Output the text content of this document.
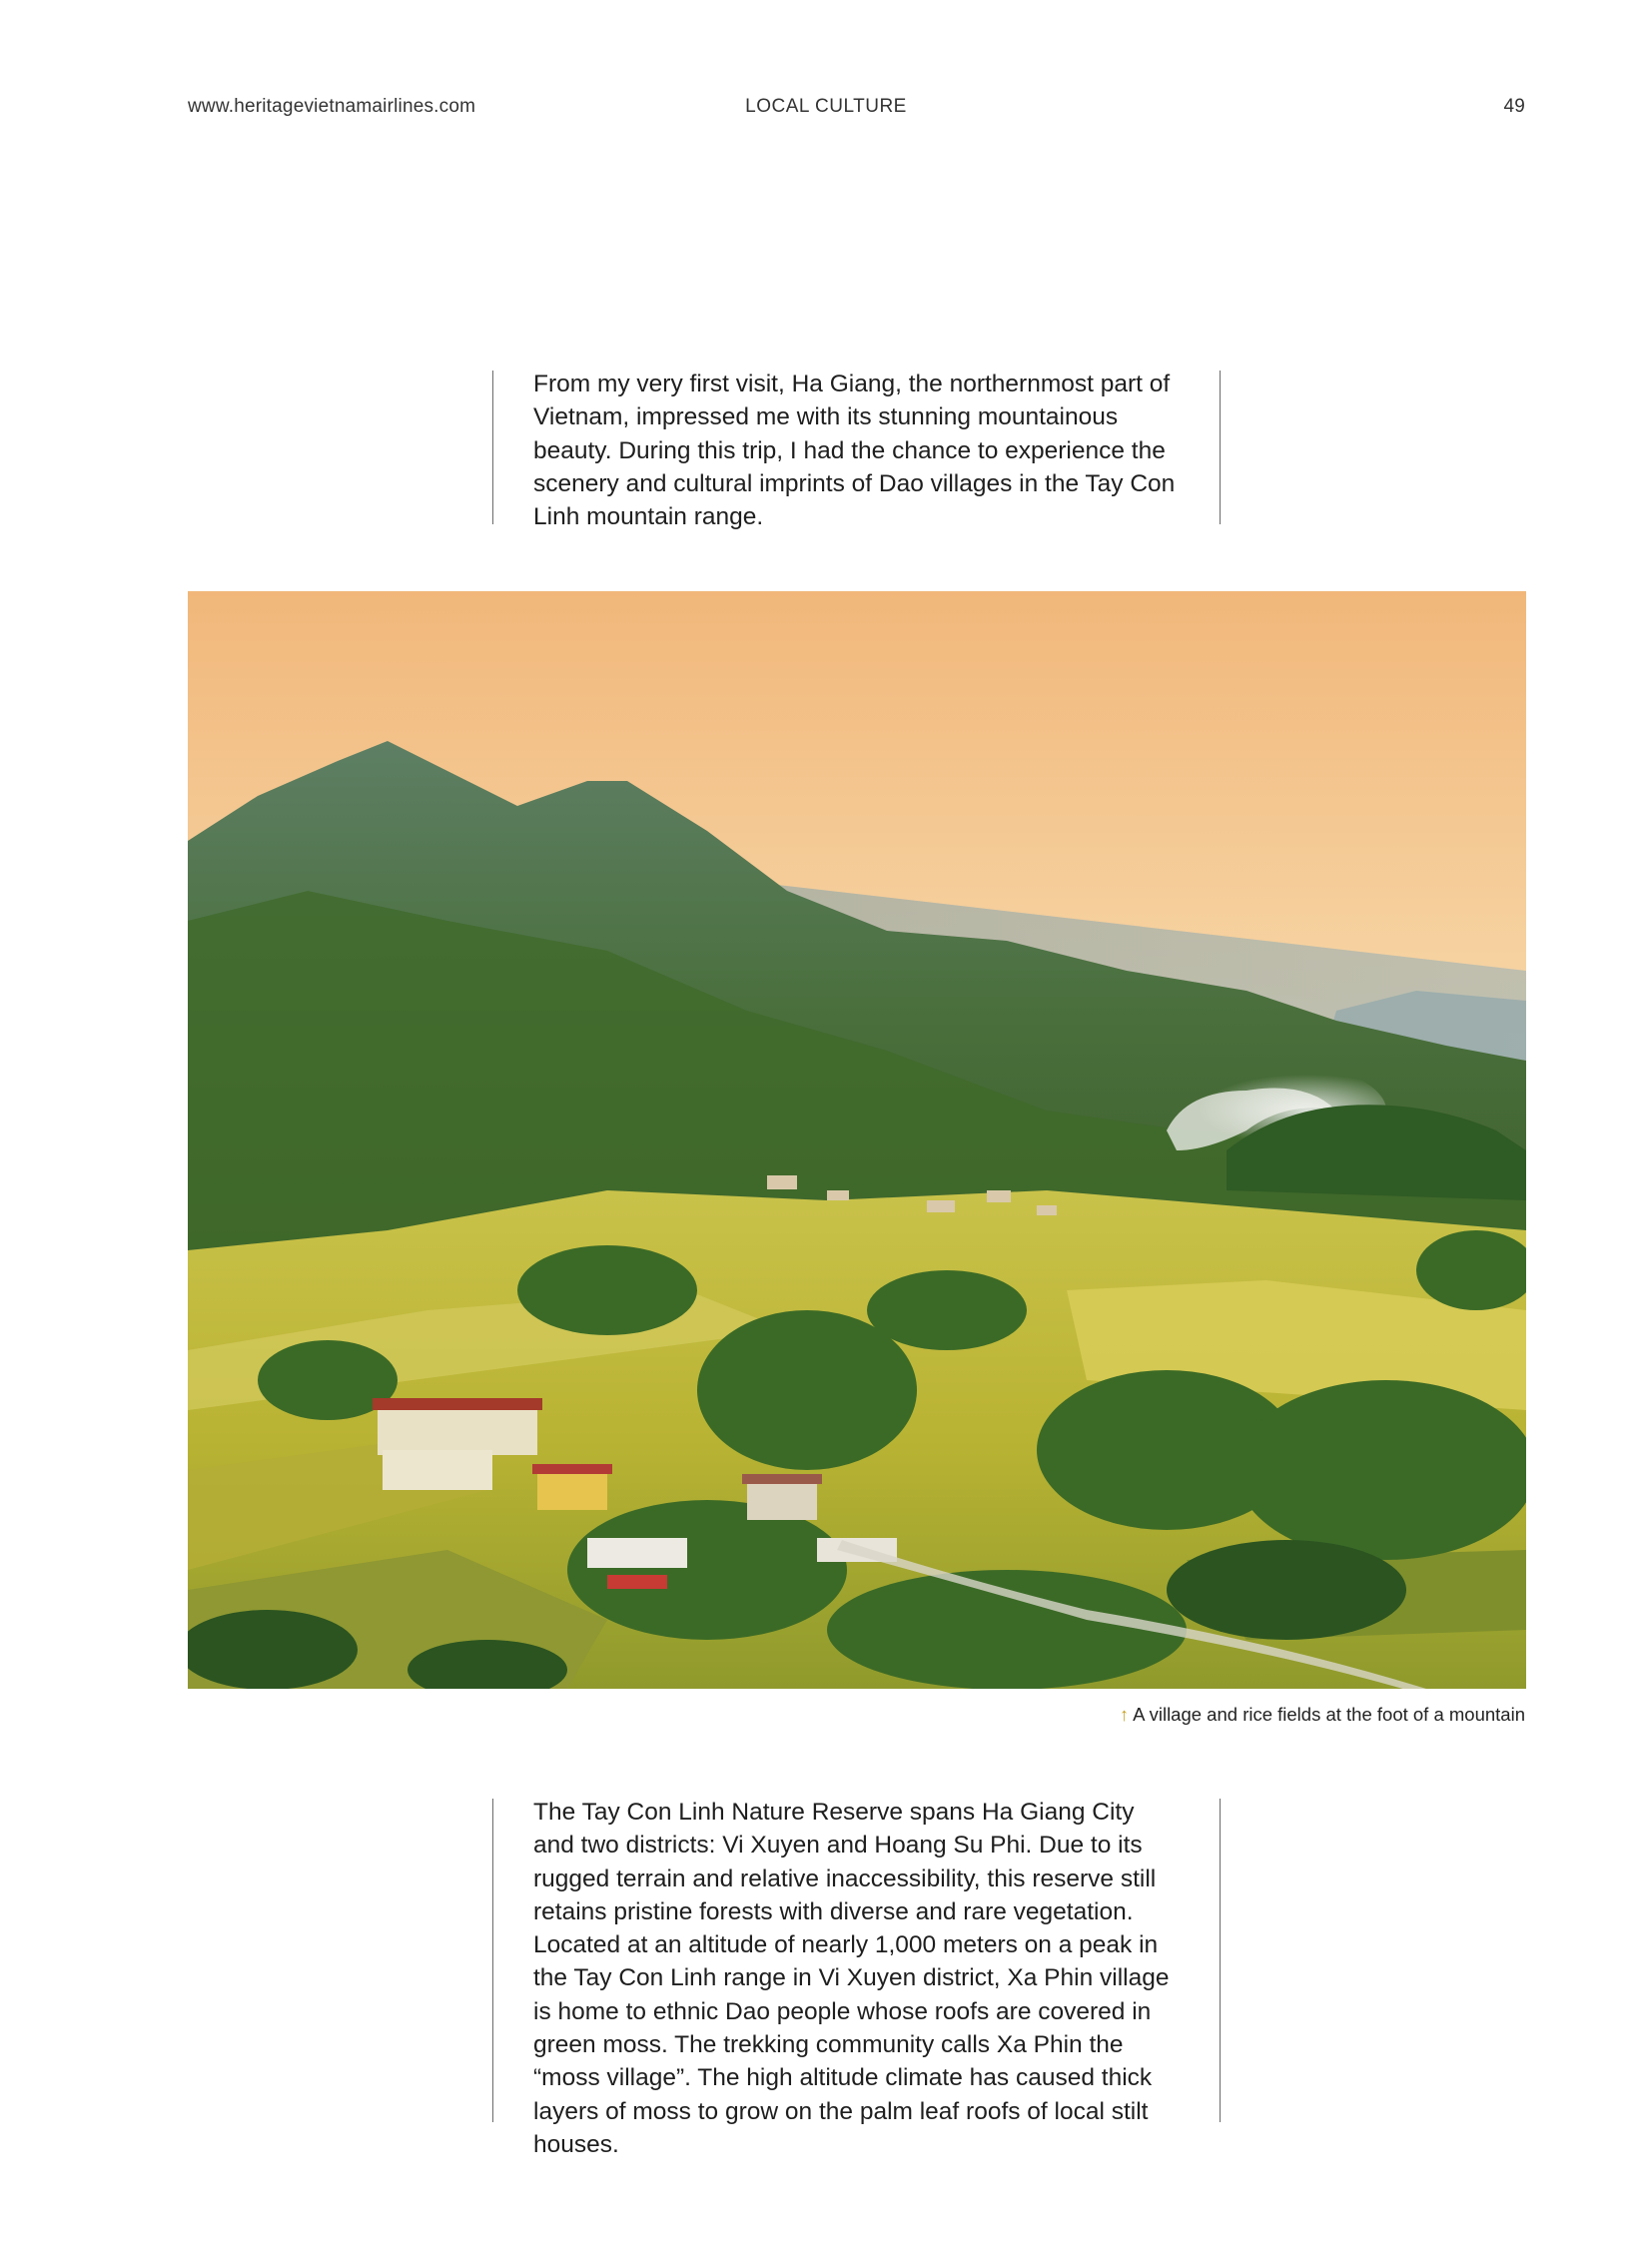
www.heritagevietnamairlines.com	LOCAL CULTURE	49

From my very first visit, Ha Giang, the northernmost part of Vietnam, impressed me with its stunning mountainous beauty. During this trip, I had the chance to experience the scenery and cultural imprints of Dao villages in the Tay Con Linh mountain range.

↑ A village and rice fields at the foot of a mountain

The Tay Con Linh Nature Reserve spans Ha Giang City and two districts: Vi Xuyen and Hoang Su Phi. Due to its rugged terrain and relative inaccessibility, this reserve still retains pristine forests with diverse and rare vegetation. Located at an altitude of nearly 1,000 meters on a peak in the Tay Con Linh range in Vi Xuyen district, Xa Phin village is home to ethnic Dao people whose roofs are covered in green moss. The trekking community calls Xa Phin the “moss village”. The high altitude climate has caused thick layers of moss to grow on the palm leaf roofs of local stilt houses.
